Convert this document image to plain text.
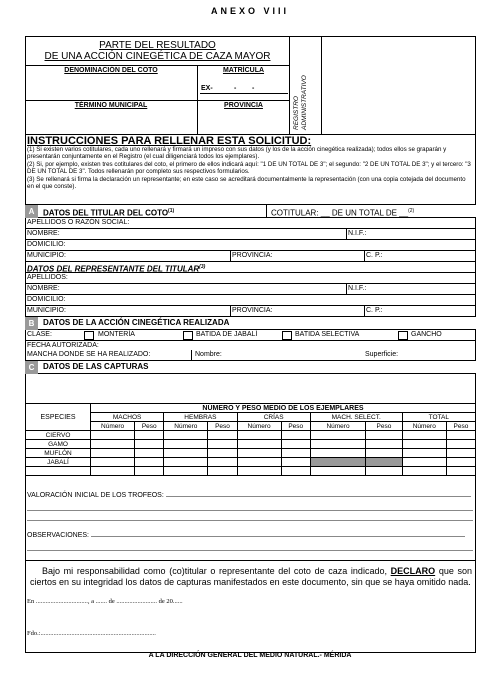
ANEXO VIII
PARTE DEL RESULTADO
DE UNA ACCIÓN CINEGÉTICA DE CAZA MAYOR
DENOMINACIÓN DEL COTO	MATRÍCULA
EX-           -        -
TÉRMINO MUNICIPAL	PROVINCIA	REGISTRO ADMINISTRATIVO
INSTRUCCIONES PARA RELLENAR ESTA SOLICITUD:
(1) Si existen varios cotitulares, cada uno rellenará y firmará un impreso con sus datos (y los de la acción cinegética realizada); todos ellos se graparán y presentarán conjuntamente en el Registro (el cual diligenciará todos los ejemplares).
(2) Si, por ejemplo, existen tres cotitulares del coto, el primero de ellos indicará aquí: "1 DE UN TOTAL DE 3"; el segundo: "2 DE UN TOTAL DE 3"; y el tercero: "3 DE UN TOTAL DE 3". Todos rellenarán por completo sus respectivos formularios.
(3) Se rellenará si firma la declaración un representante; en este caso se acreditará documentalmente la representación (con una copia cotejada del documento en el que conste).
A DATOS DEL TITULAR DEL COTO$^{(1)}$	COTITULAR: __ DE UN TOTAL DE __$^{(2)}$
APELLIDOS O RAZÓN SOCIAL:
NOMBRE:	N.I.F.:
DOMICILIO:
MUNICIPIO:	PROVINCIA:	C. P.:
DATOS DEL REPRESENTANTE DEL TITULAR$^{(3)}$
APELLIDOS:
NOMBRE:	N.I.F.:
DOMICILIO:
MUNICIPIO:	PROVINCIA:	C. P.:
B DATOS DE LA ACCIÓN CINEGÉTICA REALIZADA
CLASE:	MONTERÍA	BATIDA DE JABALÍ	BATIDA SELECTIVA	GANCHO
FECHA AUTORIZADA:
MANCHA DONDE SE HA REALIZADO:	Nombre:	Superficie:
C DATOS DE LAS CAPTURAS
ESPECIES	NÚMERO Y PESO MEDIO DE LOS EJEMPLARES									
	MACHOS		HEMBRAS		CRÍAS		MACH. SELECT.		TOTAL	
	Número	Peso	Número	Peso	Número	Peso	Número	Peso	Número	Peso
CIERVO										
GAMO										
MUFLÓN										
JABALÍ										

VALORACIÓN INICIAL DE LOS TROFEOS:
OBSERVACIONES:
Bajo mi responsabilidad como (co)titular o representante del coto de caza indicado, DECLARO que son ciertos en su integridad los datos de capturas manifestados en este documento, sin que se haya omitido nada.
En ................................, a ....... de ......................... de 20......
Fdo.:.......................................................................
A LA DIRECCIÓN GENERAL DEL MEDIO NATURAL.- MÉRIDA
